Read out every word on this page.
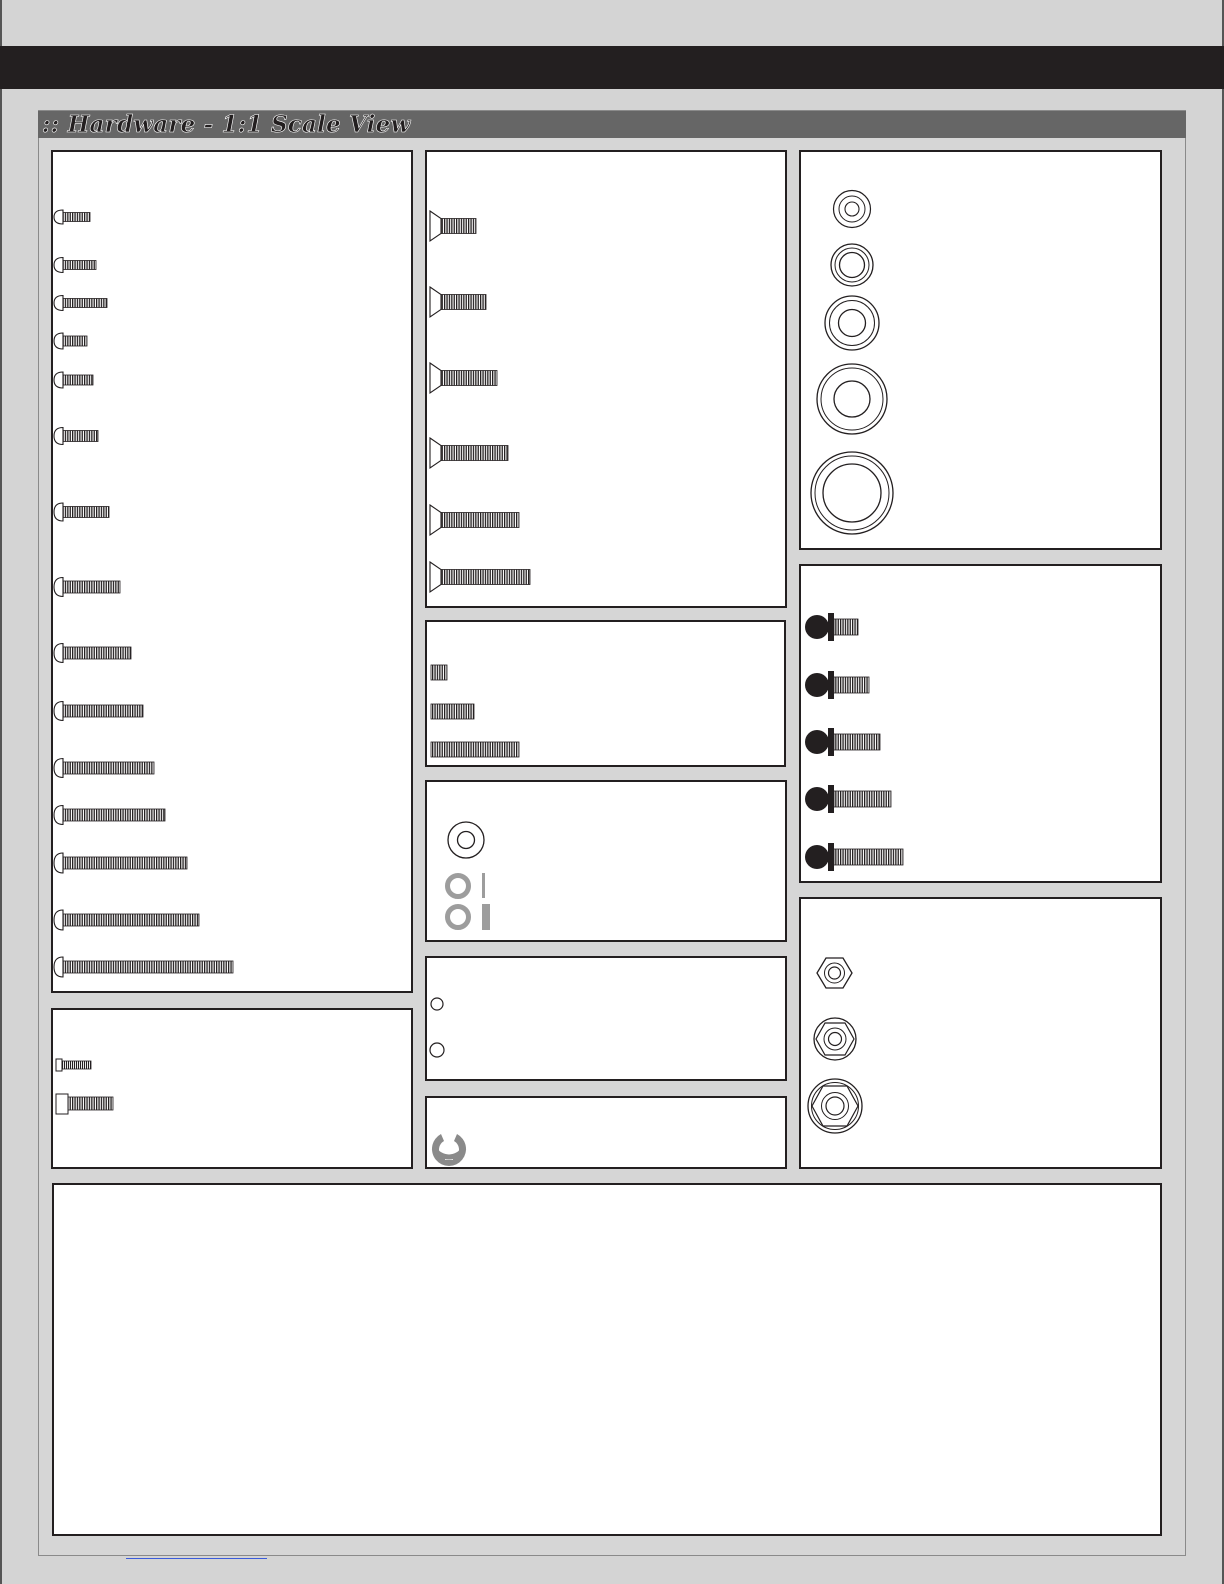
:: Hardware - 1:1 Scale View
